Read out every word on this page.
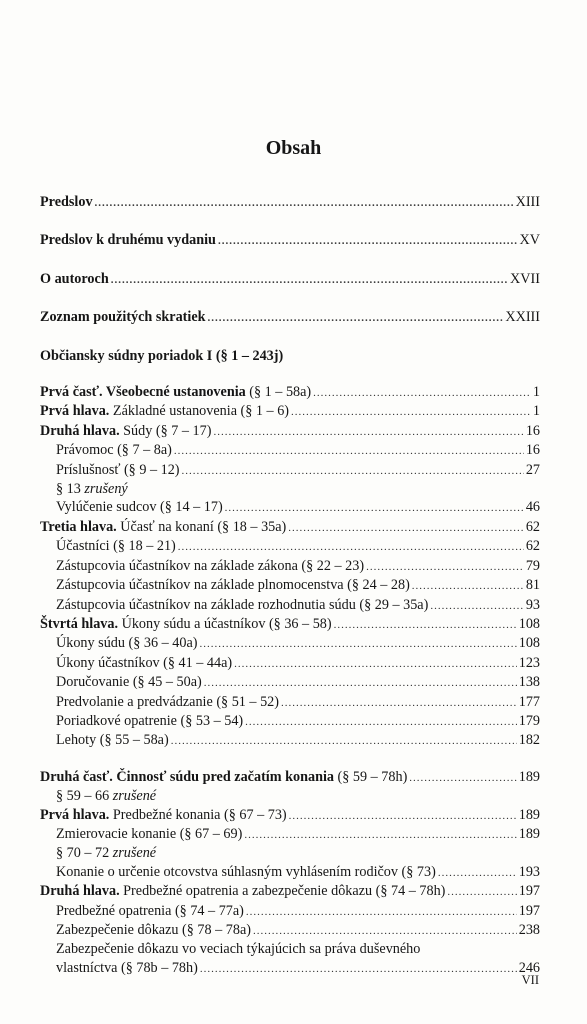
Obsah
Predslov .....	XIII
Predslov k druhému vydaniu .....	XV
O autoroch .....	XVII
Zoznam použitých skratiek .....	XXIII
Občiansky súdny poriadok I (§ 1 – 243j)
Prvá časť. Všeobecné ustanovenia (§ 1 – 58a) .....	1
Prvá hlava. Základné ustanovenia (§ 1 – 6) .....	1
Druhá hlava. Súdy (§ 7 – 17) .....	16
Právomoc (§ 7 – 8a) .....	16
Príslušnosť (§ 9 – 12) .....	27
§ 13 zrušený
Vylúčenie sudcov (§ 14 – 17) .....	46
Tretia hlava. Účasť na konaní (§ 18 – 35a) .....	62
Účastníci (§ 18 – 21) .....	62
Zástupcovia účastníkov na základe zákona (§ 22 – 23) .....	79
Zástupcovia účastníkov na základe plnomocenstva (§ 24 – 28) .....	81
Zástupcovia účastníkov na základe rozhodnutia súdu (§ 29 – 35a) .....	93
Štvrtá hlava. Úkony súdu a účastníkov (§ 36 – 58) .....	108
Úkony súdu (§ 36 – 40a) .....	108
Úkony účastníkov (§ 41 – 44a) .....	123
Doručovanie (§ 45 – 50a) .....	138
Predvolanie a predvádzanie (§ 51 – 52) .....	177
Poriadkové opatrenie (§ 53 – 54) .....	179
Lehoty (§ 55 – 58a) .....	182
Druhá časť. Činnosť súdu pred začatím konania (§ 59 – 78h) .....	189
§ 59 – 66 zrušené
Prvá hlava. Predbežné konania (§ 67 – 73) .....	189
Zmierovacie konanie (§ 67 – 69) .....	189
§ 70 – 72 zrušené
Konanie o určenie otcovstva súhlasným vyhlásením rodičov (§ 73) .....	193
Druhá hlava. Predbežné opatrenia a zabezpečenie dôkazu (§ 74 – 78h) .....	197
Predbežné opatrenia (§ 74 – 77a) .....	197
Zabezpečenie dôkazu (§ 78 – 78a) .....	238
Zabezpečenie dôkazu vo veciach týkajúcich sa práva duševného
vlastníctva (§ 78b – 78h) .....	246
VII
